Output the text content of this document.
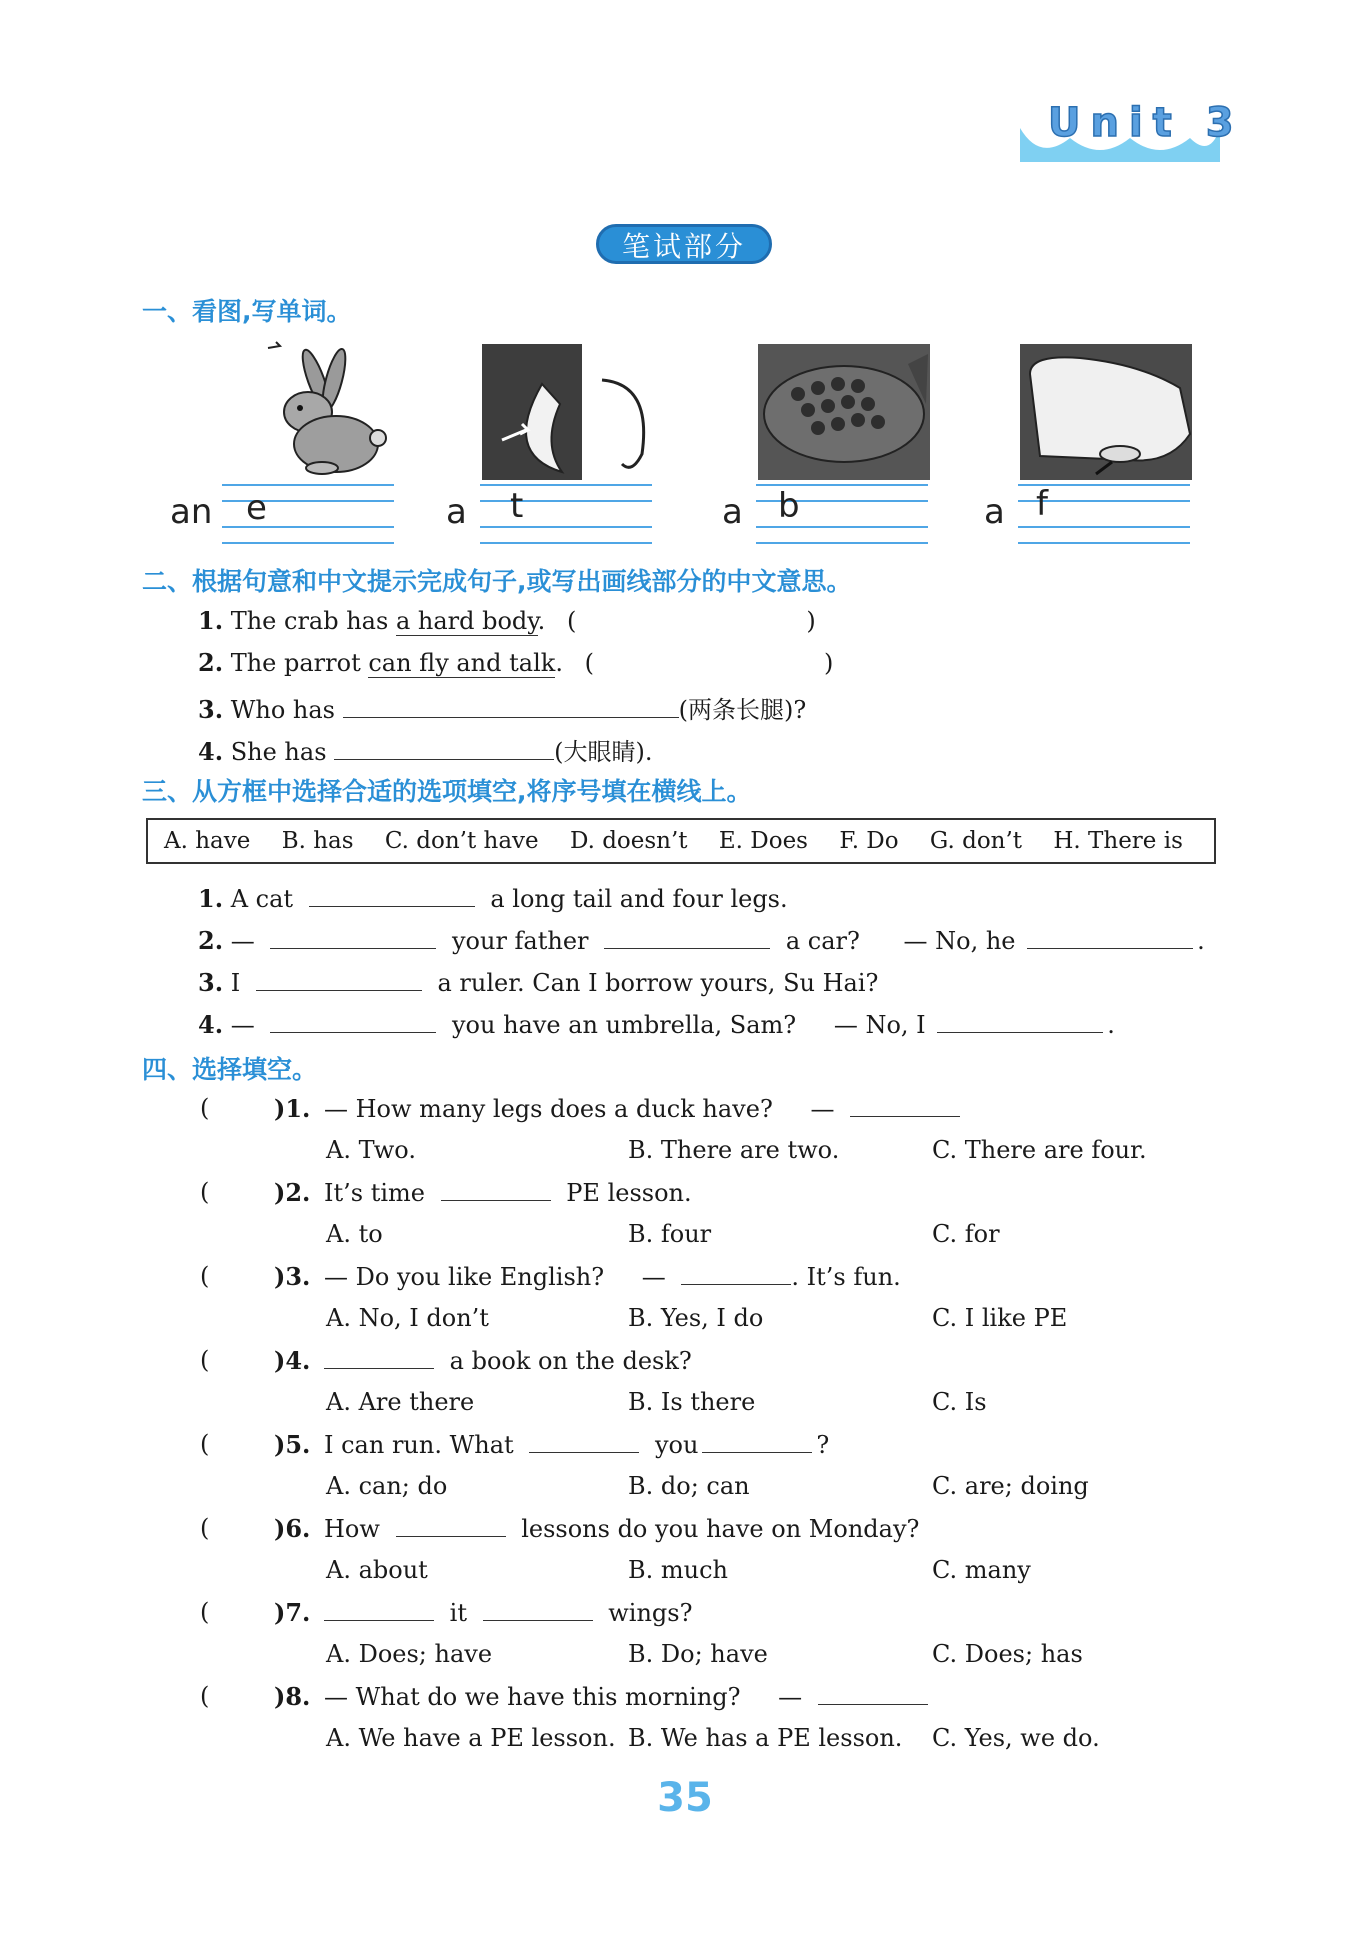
Unit 3
笔试部分
一、看图,写单词。
an e	a t	a b	a f
二、根据句意和中文提示完成句子,或写出画线部分的中文意思。
1. The crab has a hard body. (	)
2. The parrot can fly and talk. (	)
3. Who has	(两条长腿)?
4. She has	(大眼睛).
三、从方框中选择合适的选项填空,将序号填在横线上。
A. have B. has C. don’t have D. doesn’t E. Does F. Do G. don’t H. There is
1. A cat	a long tail and four legs.
2. —	your father	a car? — No, he	.
3. I	a ruler. Can I borrow yours, Su Hai?
4. —	you have an umbrella, Sam? — No, I	.
四、选择填空。
(	)1. — How many legs does a duck have? —
A. Two.	B. There are two.	C. There are four.
(	)2. It’s time	PE lesson.
A. to	B. four	C. for
(	)3. — Do you like English? —	. It’s fun.
A. No, I don’t	B. Yes, I do	C. I like PE
(	)4.	a book on the desk?
A. Are there	B. Is there	C. Is
(	)5. I can run. What	you	?
A. can; do	B. do; can	C. are; doing
(	)6. How	lessons do you have on Monday?
A. about	B. much	C. many
(	)7.	it	wings?
A. Does; have	B. Do; have	C. Does; has
(	)8. — What do we have this morning? —
A. We have a PE lesson. B. We has a PE lesson. C. Yes, we do.
35
